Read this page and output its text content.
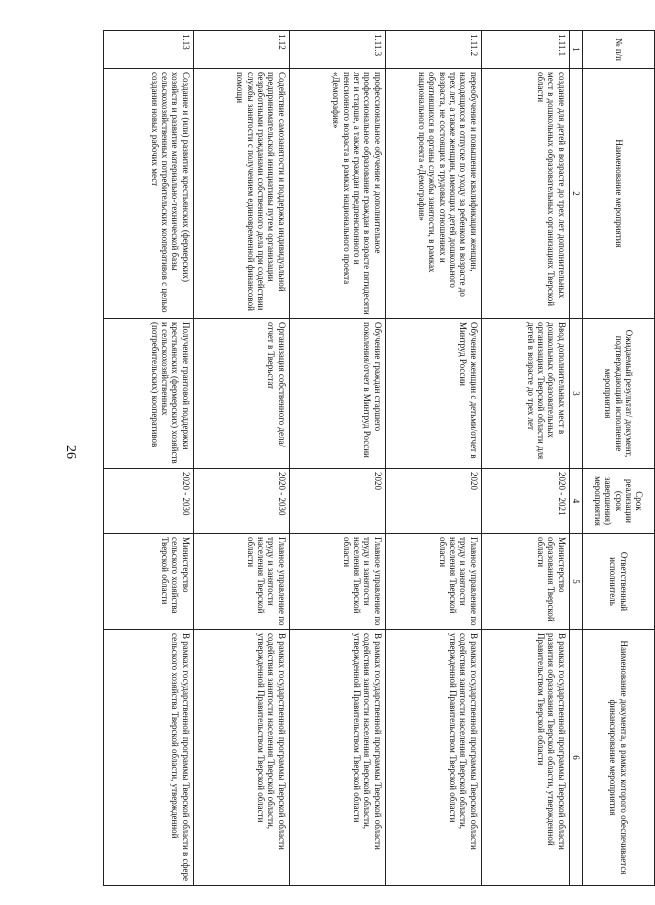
26
№ п/п	Наименование мероприятия	Ожидаемый результат/ документ, подтверждающий исполнение мероприятия	Срок реализации (срок завершения) мероприятия	Ответственный исполнитель	Наименование документа, в рамках которого обеспечивается финансирование мероприятия
1	2	3	4	5	6
1.11.1	создание для детей в возрасте до трех лет дополнительных мест в дошкольных образовательных организациях Тверской области	Ввод дополнительных мест в дошкольных образовательных организациях Тверской области для детей в возрасте до трех лет	2020 - 2021	Министерство образования Тверской области	В рамках государственной программы Тверской области развития образования Тверской области, утвержденной Правительством Тверской области
1.11.2	переобучение и повышение квалификации женщин, находящихся в отпуске по уходу за ребенком в возрасте до трех лет, а также женщин, имеющих детей дошкольного возраста, не состоящих в трудовых отношениях и обратившихся в органы службы занятости, в рамках национального проекта «Демография»	Обучение женщин с детьми/отчет в Минтруд России	2020	Главное управление по труду и занятости населения Тверской области	В рамках государственной программы Тверской области содействия занятости населения Тверской области, утвержденной Правительством Тверской области
1.11.3	профессиональное обучение и дополнительное профессиональное образование граждан в возрасте пятидесяти лет и старше, а также граждан предпенсионного и пенсионного возраста в рамках национального проекта «Демография»	Обучение граждан старшего поколения/отчет в Минтруд России	2020	Главное управление по труду и занятости населения Тверской области	В рамках государственной программы Тверской области содействия занятости населения Тверской области, утвержденной Правительством Тверской области
1.12	Содействие самозанятости и поддержка индивидуальной предпринимательской инициативы путем организации безработными гражданами собственного дела при содействии службы занятости с получением единовременной финансовой помощи	Организация собственного дела/отчет в Тверьстат	2020 - 2030	Главное управление по труду и занятости населения Тверской области	В рамках государственной программы Тверской области содействия занятости населения Тверской области, утвержденной Правительством Тверской области
1.13	Создание и (или) развитие крестьянских (фермерских) хозяйств и развитие материально-технической базы сельскохозяйственных потребительских кооперативов с целью создания новых рабочих мест	Получение грантовой поддержки крестьянских (фермерских) хозяйств и сельскохозяйственных (потребительских) кооперативов	2020 - 2030	Министерство сельского хозяйства Тверской области	В рамках государственной программы Тверской области в сфере сельского хозяйства Тверской области, утвержденной
